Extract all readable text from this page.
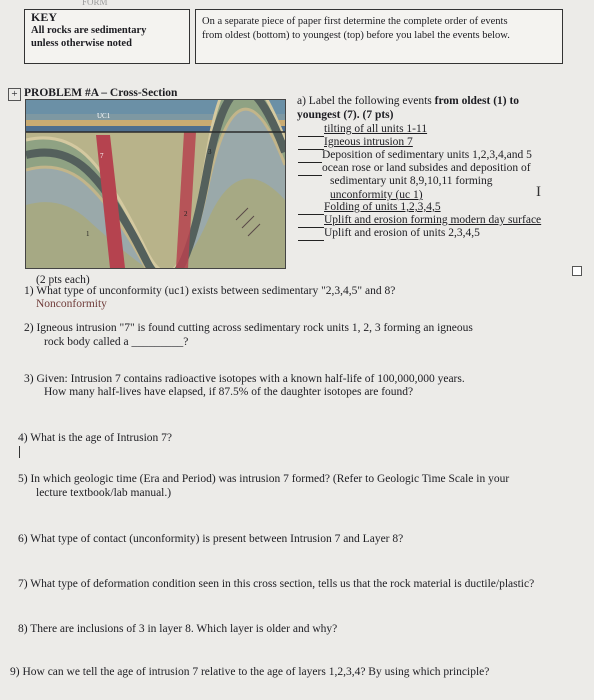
FORM
KEY
All rocks are sedimentary
unless otherwise noted
On a separate piece of paper first determine the complete order of events
from oldest (bottom) to youngest (top) before you label the events below.
+ PROBLEM #A – Cross-Section
UC1
7	3
2
1
a) Label the following events from oldest (1) to
youngest (7). (7 pts)
tilting of all units 1-11
Igneous intrusion 7
Deposition of sedimentary units 1,2,3,4,and 5
ocean rose or land subsides and deposition of
sedimentary unit 8,9,10,11 forming
unconformity (uc 1)	I
Folding of units 1,2,3,4,5
Uplift and erosion forming modern day surface
Uplift and erosion of units 2,3,4,5
(2 pts each)
1) What type of unconformity (uc1) exists between sedimentary "2,3,4,5" and 8?
Nonconformity
2) Igneous intrusion "7" is found cutting across sedimentary rock units 1, 2, 3 forming an igneous
rock body called a _________?
3) Given: Intrusion 7 contains radioactive isotopes with a known half-life of 100,000,000 years.
How many half-lives have elapsed, if 87.5% of the daughter isotopes are found?
4) What is the age of Intrusion 7?
5) In which geologic time (Era and Period) was intrusion 7 formed? (Refer to Geologic Time Scale in your
lecture textbook/lab manual.)
6) What type of contact (unconformity) is present between Intrusion 7 and Layer 8?
7) What type of deformation condition seen in this cross section, tells us that the rock material is ductile/plastic?
8) There are inclusions of 3 in layer 8. Which layer is older and why?
9) How can we tell the age of intrusion 7 relative to the age of layers 1,2,3,4? By using which principle?
